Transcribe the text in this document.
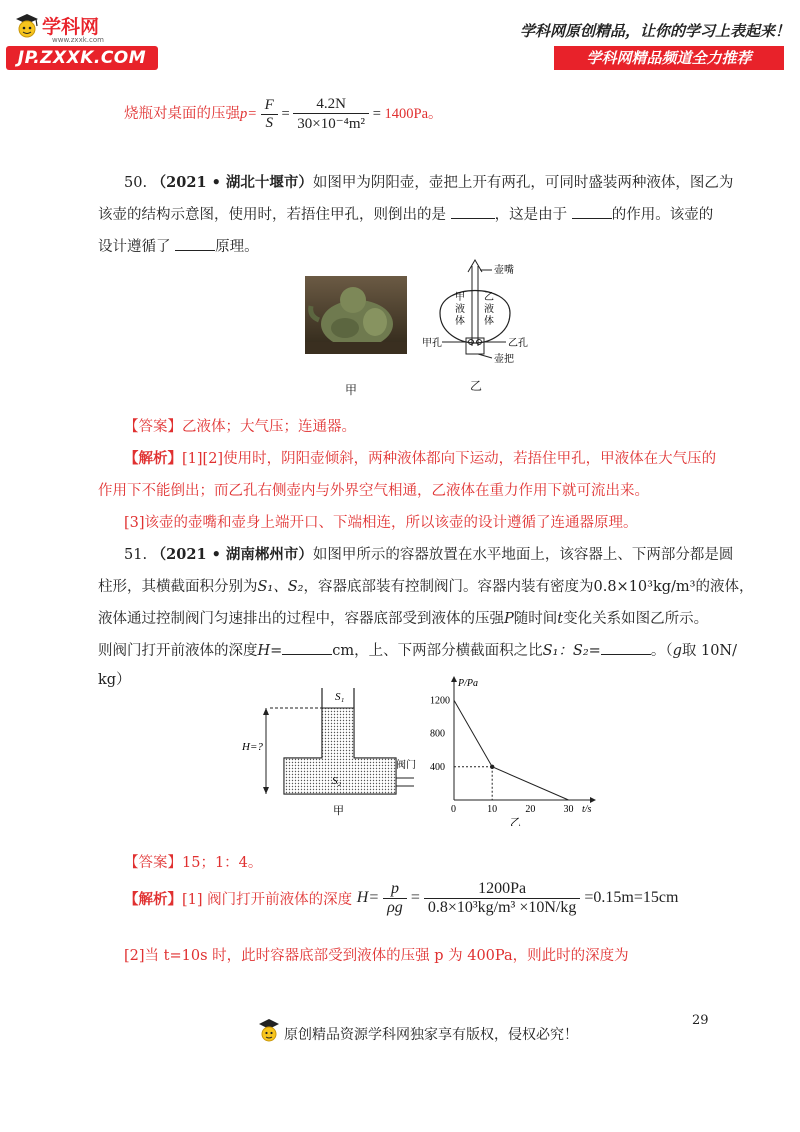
学科网
www.zxxk.com
JP.ZXXK.COM
学科网原创精品，让你的学习上表起来！
学科网精品频道全力推荐
烧瓶对桌面的压强$p= \frac{F}{S} = \frac{4.2N}{\text{30×10⁻⁴m²}} = 1400Pa$。
50. （2021 • 湖北十堰市）如图甲为阴阳壶，壶把上开有两孔，可同时盛装两种液体，图乙为
该壶的结构示意图，使用时，若捂住甲孔，则倒出的是	，这是由于	的作用。该壶的
设计遵循了	原理。
甲
壶嘴
甲
液
体
乙
液
体
甲孔	乙孔
壶把
乙
【答案】乙液体；大气压；连通器。
【解析】[1][2]使用时，阴阳壶倾斜，两种液体都向下运动，若捂住甲孔，甲液体在大气压的
作用下不能倒出；而乙孔右侧壶内与外界空气相通，乙液体在重力作用下就可流出来。
[3]该壶的壶嘴和壶身上端开口、下端相连，所以该壶的设计遵循了连通器原理。
51. （2021 • 湖南郴州市）如图甲所示的容器放置在水平地面上，该容器上、下两部分都是圆
柱形，其横截面积分别为S₁、S₂，容器底部装有控制阀门。容器内装有密度为0.8×10³kg/m³的液体，
液体通过控制阀门匀速排出的过程中，容器底部受到液体的压强P随时间t变化关系如图乙所示。
则阀门打开前液体的深度H=	cm，上、下两部分横截面积之比S₁：S₂=	。（g取 10N/
kg）
S₁
S₂
H=?
阀门
甲	0	10	20	30
400
800
1200
P/Pa
t/s
乙
【答案】15；1：4。
【解析】[1] 阀门打开前液体的深度 $H= \frac{p}{\rho g} = \frac{1200Pa}{\text{0.8×10³kg/m³ ×10N/kg}} =0.15m=15cm$
[2]当 t=10s 时，此时容器底部受到液体的压强 p 为 400Pa，则此时的深度为
29
原创精品资源学科网独家享有版权，侵权必究！
